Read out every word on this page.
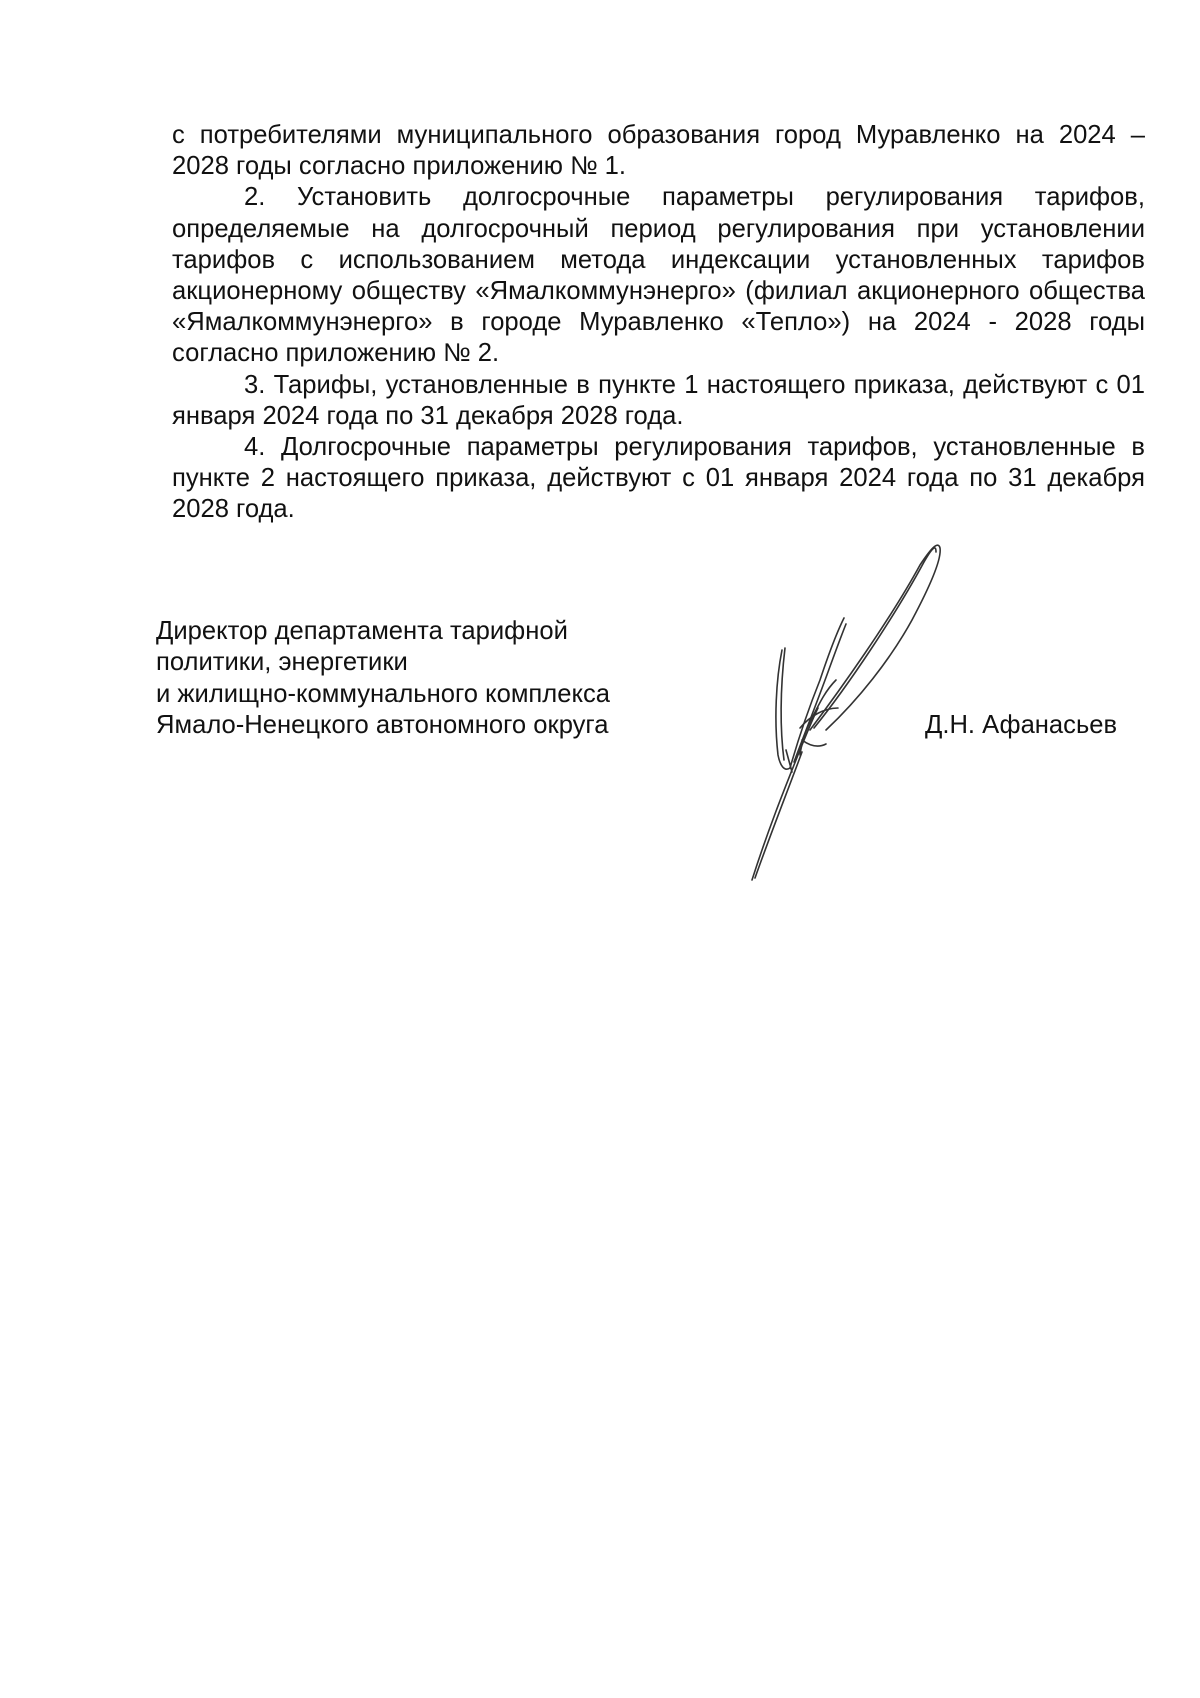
с потребителями муниципального образования город Муравленко на 2024 – 2028 годы согласно приложению № 1.

2. Установить долгосрочные параметры регулирования тарифов, определяемые на долгосрочный период регулирования при установлении тарифов с использованием метода индексации установленных тарифов акционерному обществу «Ямалкоммунэнерго» (филиал акционерного общества «Ямалкоммунэнерго» в городе Муравленко «Тепло») на 2024 - 2028 годы согласно приложению № 2.

3. Тарифы, установленные в пункте 1 настоящего приказа, действуют с 01 января 2024 года по 31 декабря 2028 года.

4. Долгосрочные параметры регулирования тарифов, установленные в пункте 2 настоящего приказа, действуют с 01 января 2024 года по 31 декабря 2028 года.

Директор департамента тарифной
политики, энергетики
и жилищно-коммунального комплекса
Ямало-Ненецкого автономного округа	Д.Н. Афанасьев
